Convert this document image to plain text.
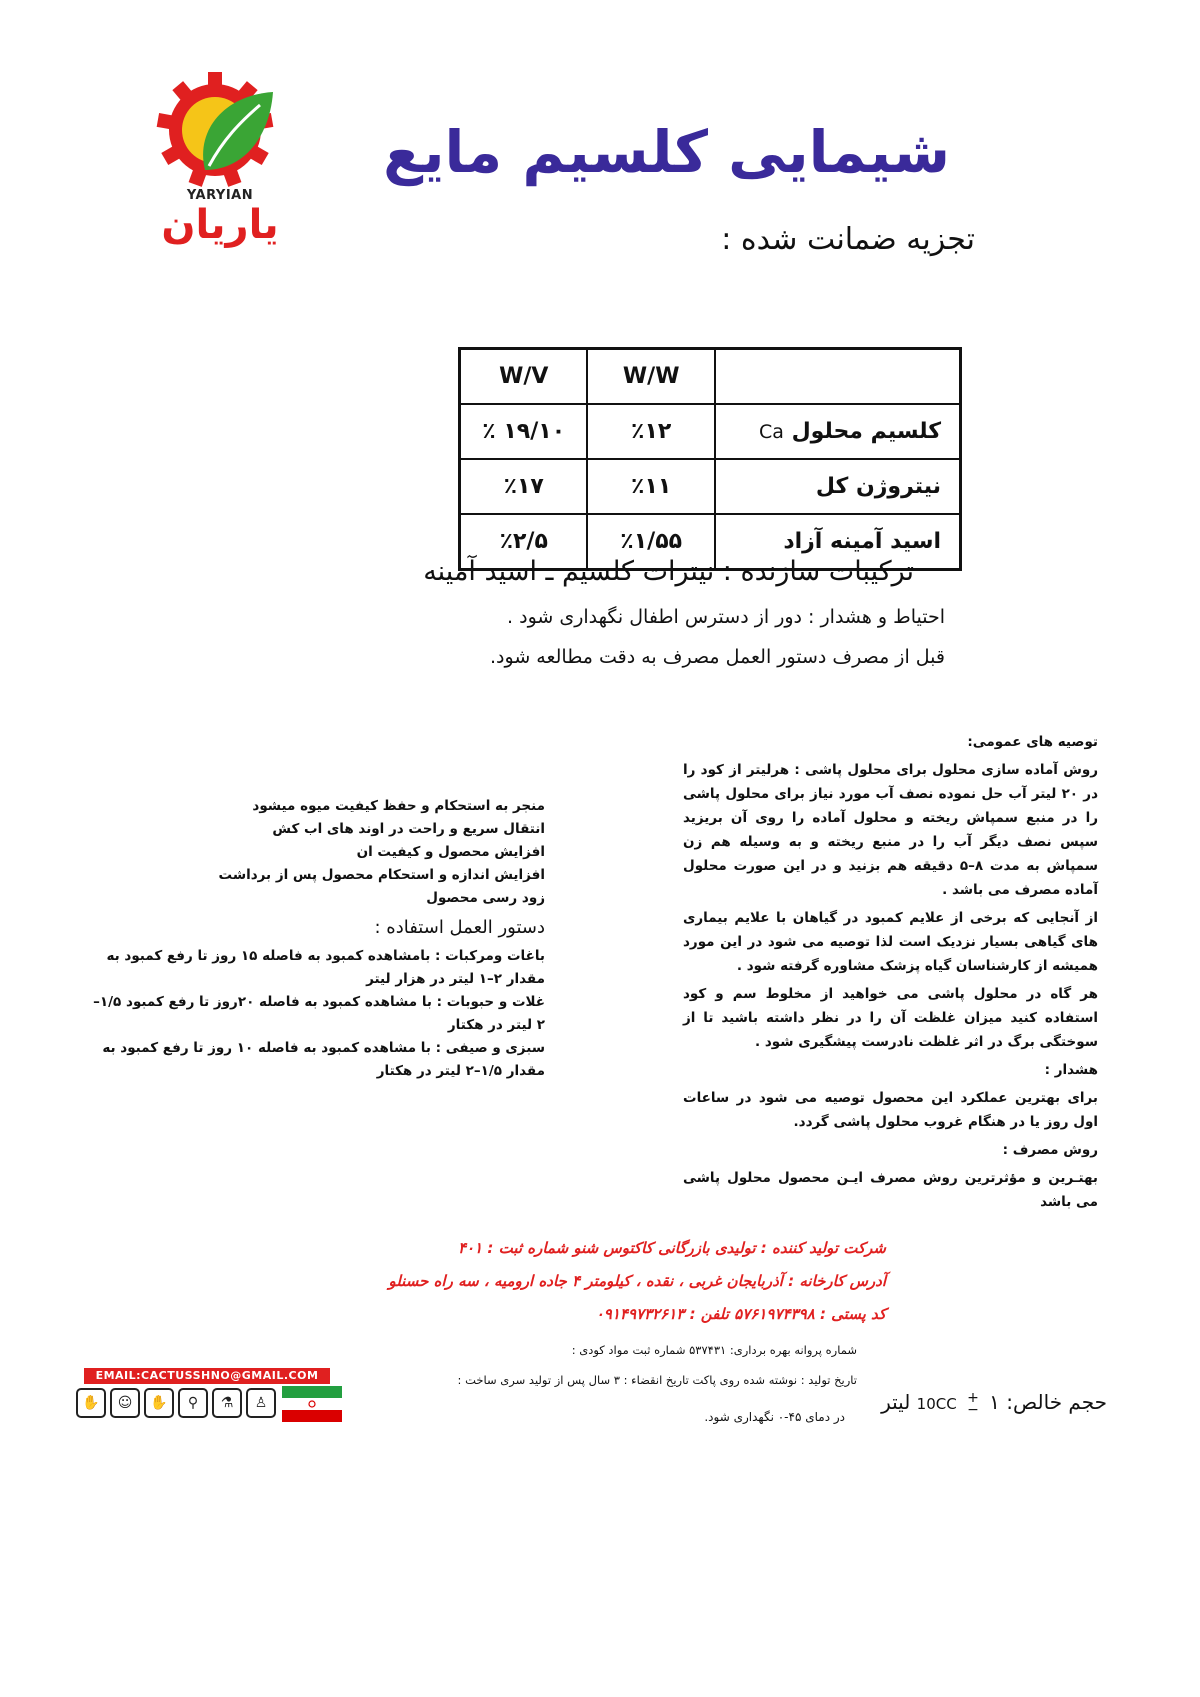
YARYIAN
یاریان
شیمایی کلسیم مایع
تجزیه ضمانت شده :
W/V	W/W	
٪ ۱۹/۱۰	٪۱۲	کلسیم محلول Ca
٪۱۷	٪۱۱	نیتروژن کل
٪۲/۵	٪۱/۵۵	اسید آمینه آزاد
ترکیبات سازنده : نیترات کلسیم ـ اسید آمینه
احتیاط و هشدار : دور از دسترس اطفال نگهداری شود .
قبل از مصرف دستور العمل مصرف به دقت مطالعه شود.

توصیه های عمومی:

روش آماده سازی محلول برای محلول پاشی : هرلیتر از کود را در ۲۰ لیتر آب حل نموده نصف آب مورد نیاز برای محلول پاشی را در منبع سمپاش ریخته و محلول آماده را روی آن بریزید سپس نصف دیگر آب را در منبع ریخته و به وسیله هم زن سمپاش به مدت ۸–۵ دقیقه هم بزنید و در این صورت محلول آماده مصرف می باشد .

از آنجایی که برخی از علایم کمبود در گیاهان با علایم بیماری های گیاهی بسیار نزدیک است لذا توصیه می شود در این مورد همیشه از کارشناسان گیاه پزشک مشاوره گرفته شود .

هر گاه در محلول پاشی می خواهید از مخلوط سم و کود استفاده کنید میزان غلظت آن را در نظر داشته باشید تا از سوختگی برگ در اثر غلظت نادرست پیشگیری شود .

هشدار :

برای بهترین عملکرد این محصول توصیه می شود در ساعات اول روز یا در هنگام غروب محلول پاشی گردد.

روش مصرف :

بهتـرین و مؤثرترین روش مصرف ایـن محصول محلول پاشی می باشد

منجر به استحکام و حفظ کیفیت میوه میشود

انتقال سریع و راحت در اوند های اب کش

افزایش محصول و کیفیت ان

افزایش اندازه و استحکام محصول پس از برداشت

زود رسی محصول

دستور العمل استفاده :

باغات ومرکبات : بامشاهده کمبود به فاصله ۱۵ روز تا رفع کمبود به مقدار ۲–۱ لیتر در هزار لیتر

غلات و حبوبات : با مشاهده کمبود به فاصله ۲۰روز تا رفع کمبود ۱/۵–۲ لیتر در هکتار

سبزی و صیفی : با مشاهده کمبود به فاصله ۱۰ روز تا رفع کمبود به مقدار ۱/۵–۲ لیتر در هکتار

شرکت تولید کننده : تولیدی بازرگانی کاکتوس شنو شماره ثبت : ۴۰۱

آدرس کارخانه : آذربایجان غربی ، نقده ، کیلومتر ۴ جاده ارومیه ، سه راه حسنلو

کد پستی : ۵۷۶۱۹۷۴۳۹۸ تلفن : ۰۹۱۴۹۷۳۲۶۱۳

شماره پروانه بهره برداری: ۵۳۷۴۳۱ شماره ثبت مواد کودی :

تاریخ تولید : نوشته شده روی پاکت تاریخ انقضاء : ۳ سال پس از تولید سری ساخت :

در دمای ۴۵-۰ نگهداری شود.
حجم خالص: 10CC +
−
۱ لیتر
EMAIL:CACTUSSHNO@GMAIL.COM
✋	☺	✋	⚲	⚗	♙
